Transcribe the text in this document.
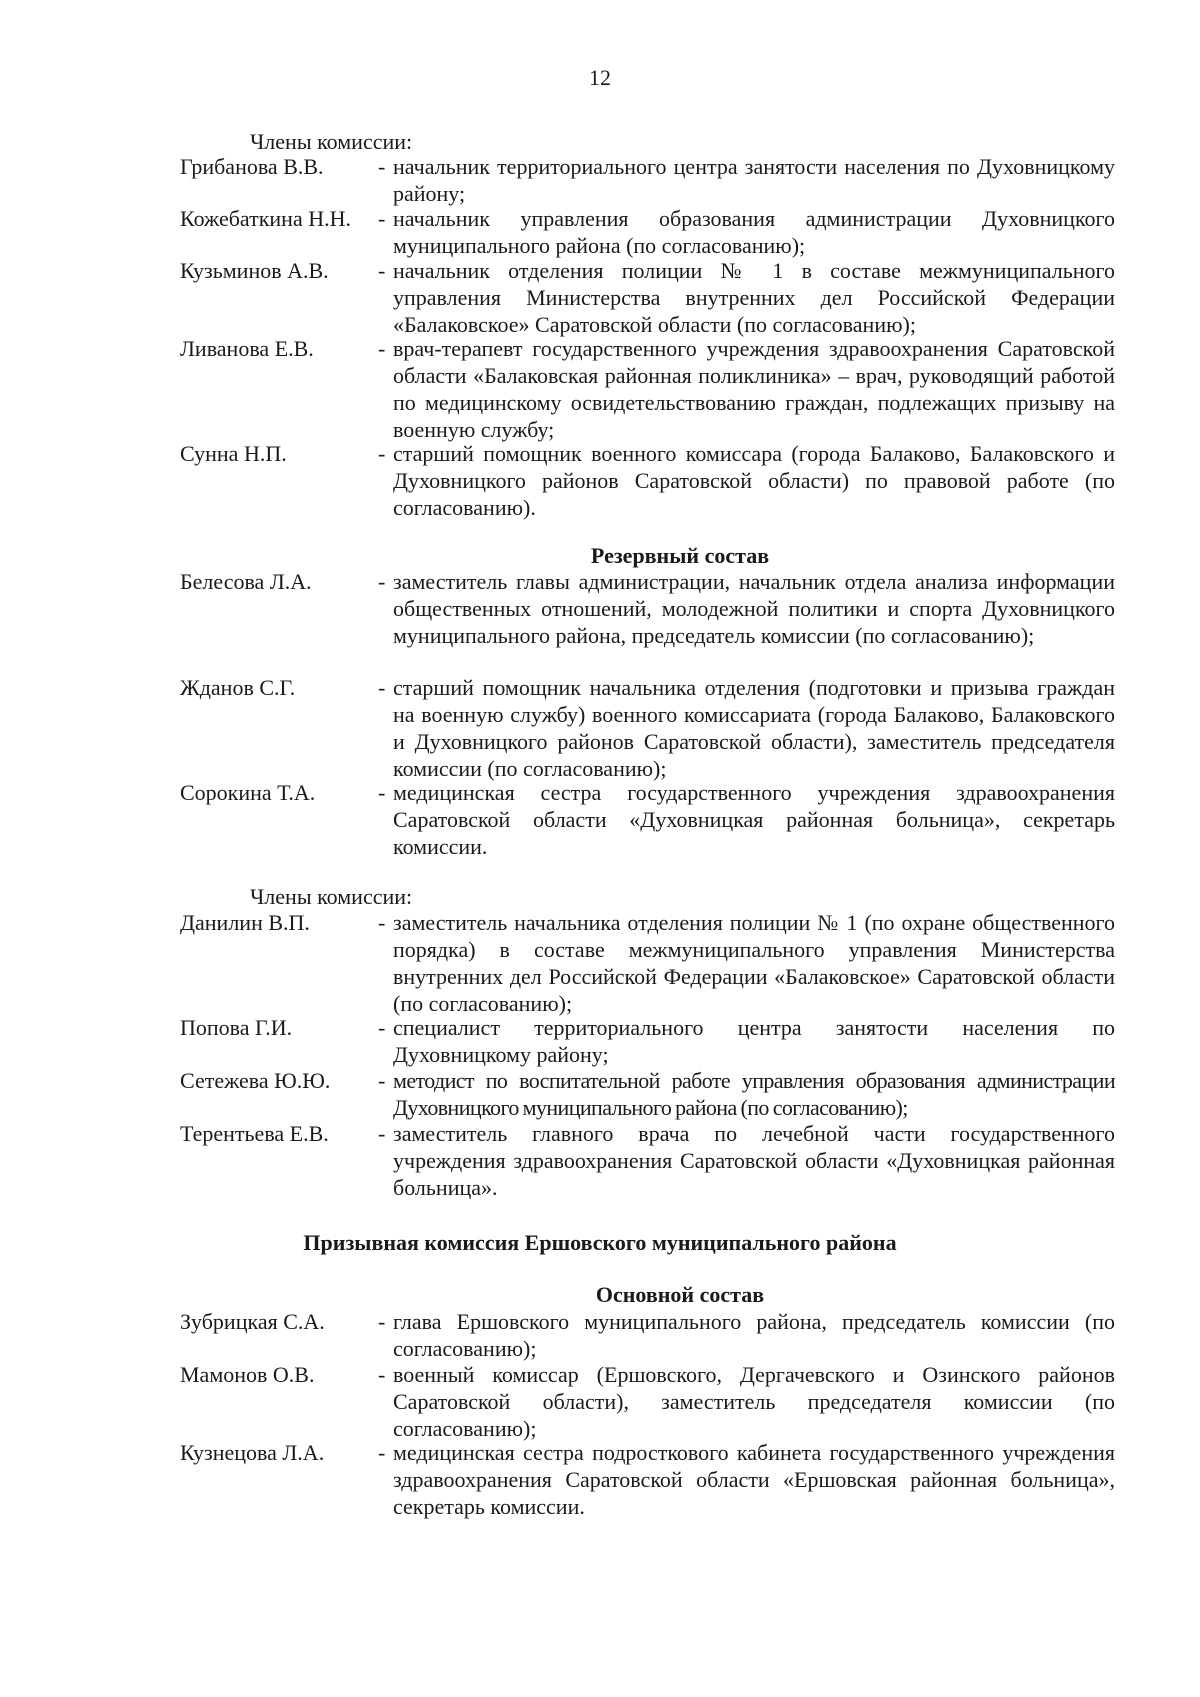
12
Члены комиссии:
Грибанова В.В. - начальник территориального центра занятости населения по Духовницкому району;
Кожебаткина Н.Н. - начальник управления образования администрации Духовницкого муниципального района (по согласованию);
Кузьминов А.В. - начальник отделения полиции № 1 в составе межмуниципального управления Министерства внутренних дел Российской Федерации «Балаковское» Саратовской области (по согласованию);
Ливанова Е.В.	- врач-терапевт государственного учреждения здравоохранения Саратовской области «Балаковская районная поликлиника» – врач, руководящий работой по медицинскому освидетельствованию граждан, подлежащих призыву на военную службу;
Сунна Н.П.	- старший помощник военного комиссара (города Балаково, Балаковского и Духовницкого районов Саратовской области) по правовой работе (по согласованию).
Резервный состав
Белесова Л.А.	- заместитель главы администрации, начальник отдела анализа информации общественных отношений, молодежной политики и спорта Духовницкого муниципального района, председатель комиссии (по согласованию);
Жданов С.Г.	- старший помощник начальника отделения (подготовки и призыва граждан на военную службу) военного комиссариата (города Балаково, Балаковского и Духовницкого районов Саратовской области), заместитель председателя комиссии (по согласованию);
Сорокина Т.А.	- медицинская сестра государственного учреждения здравоохранения Саратовской области «Духовницкая районная больница», секретарь комиссии.
Члены комиссии:
Данилин В.П.	- заместитель начальника отделения полиции № 1 (по охране общественного порядка) в составе межмуниципального управления Министерства внутренних дел Российской Федерации «Балаковское» Саратовской области (по согласованию);
Попова Г.И.	- специалист территориального центра занятости населения по Духовницкому району;
Сетежева Ю.Ю. - методист по воспитательной работе управления образования администрации Духовницкого муниципального района (по согласованию);
Терентьева Е.В. - заместитель главного врача по лечебной части государственного учреждения здравоохранения Саратовской области «Духовницкая районная больница».
Призывная комиссия Ершовского муниципального района
Основной состав
Зубрицкая С.А. - глава Ершовского муниципального района, председатель комиссии (по согласованию);
Мамонов О.В.	- военный комиссар (Ершовского, Дергачевского и Озинского районов Саратовской области), заместитель председателя комиссии (по согласованию);
Кузнецова Л.А. - медицинская сестра подросткового кабинета государственного учреждения здравоохранения Саратовской области «Ершовская районная больница», секретарь комиссии.
